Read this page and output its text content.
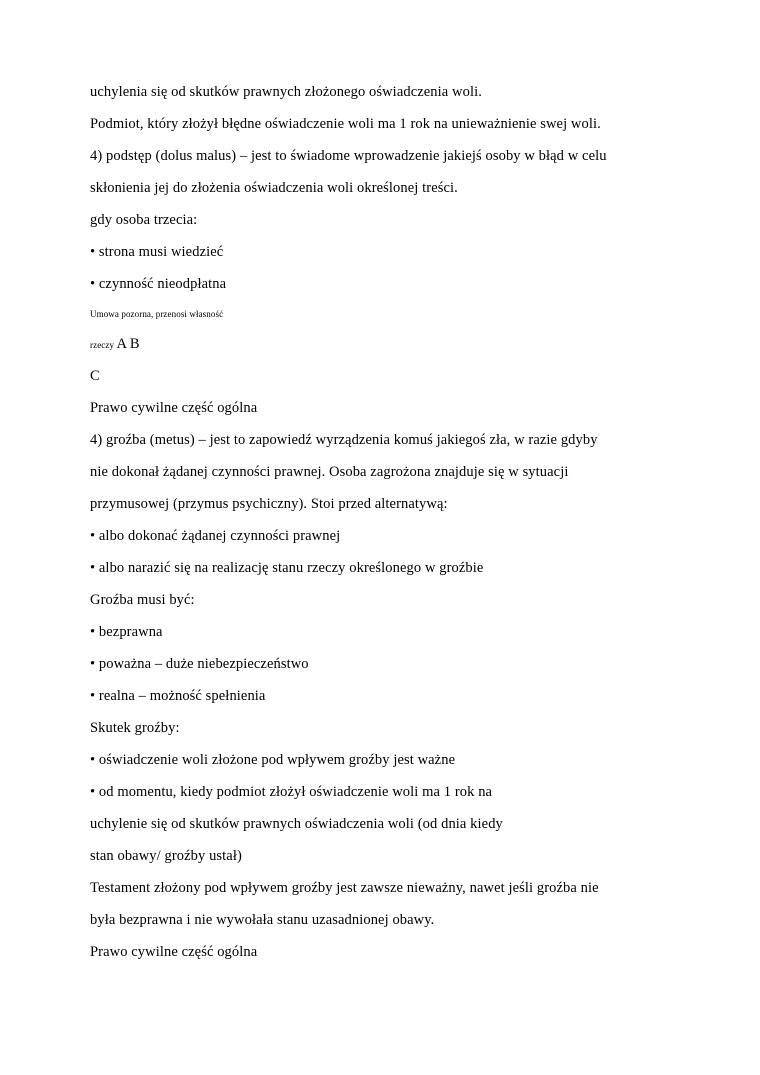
uchylenia się od skutków prawnych złożonego oświadczenia woli.

Podmiot, który złożył błędne oświadczenie woli ma 1 rok na unieważnienie swej woli.

4) podstęp (dolus malus) – jest to świadome wprowadzenie jakiejś osoby w błąd w celu

skłonienia jej do złożenia oświadczenia woli określonej treści.

gdy osoba trzecia:

• strona musi wiedzieć

• czynność nieodpłatna

Umowa pozorna, przenosi własność

rzeczy A B

C

Prawo cywilne część ogólna

4) groźba (metus) – jest to zapowiedź wyrządzenia komuś jakiegoś zła, w razie gdyby

nie dokonał żądanej czynności prawnej. Osoba zagrożona znajduje się w sytuacji

przymusowej (przymus psychiczny). Stoi przed alternatywą:

• albo dokonać żądanej czynności prawnej

• albo narazić się na realizację stanu rzeczy określonego w groźbie

Groźba musi być:

• bezprawna

• poważna – duże niebezpieczeństwo

• realna – możność spełnienia

Skutek groźby:

• oświadczenie woli złożone pod wpływem groźby jest ważne

• od momentu, kiedy podmiot złożył oświadczenie woli ma 1 rok na

uchylenie się od skutków prawnych oświadczenia woli (od dnia kiedy

stan obawy/ groźby ustał)

Testament złożony pod wpływem groźby jest zawsze nieważny, nawet jeśli groźba nie

była bezprawna i nie wywołała stanu uzasadnionej obawy.

Prawo cywilne część ogólna
